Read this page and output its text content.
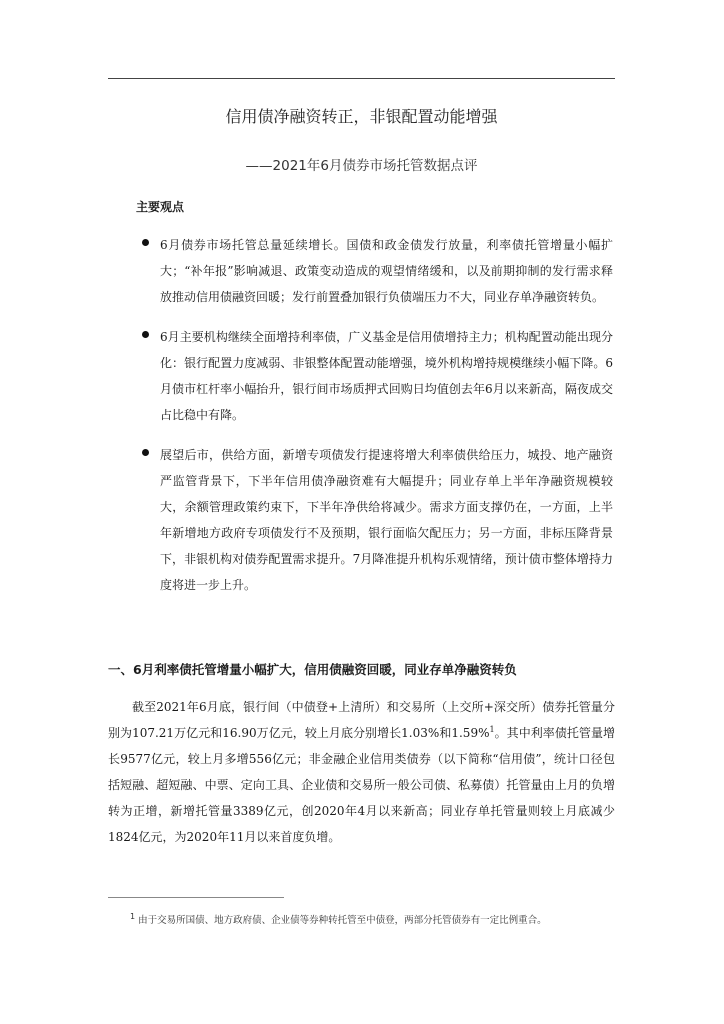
信用债净融资转正，非银配置动能增强
——2021年6月债券市场托管数据点评
主要观点
6月债券市场托管总量延续增长。国债和政金债发行放量，利率债托管增量小幅扩大；“补年报”影响减退、政策变动造成的观望情绪缓和，以及前期抑制的发行需求释放推动信用债融资回暖；发行前置叠加银行负债端压力不大，同业存单净融资转负。
6月主要机构继续全面增持利率债，广义基金是信用债增持主力；机构配置动能出现分化：银行配置力度减弱、非银整体配置动能增强，境外机构增持规模继续小幅下降。6月债市杠杆率小幅抬升，银行间市场质押式回购日均值创去年6月以来新高，隔夜成交占比稳中有降。
展望后市，供给方面，新增专项债发行提速将增大利率债供给压力，城投、地产融资严监管背景下，下半年信用债净融资难有大幅提升；同业存单上半年净融资规模较大，余额管理政策约束下，下半年净供给将减少。需求方面支撑仍在，一方面，上半年新增地方政府专项债发行不及预期，银行面临欠配压力；另一方面，非标压降背景下，非银机构对债券配置需求提升。7月降准提升机构乐观情绪，预计债市整体增持力度将进一步上升。
一、6月利率债托管增量小幅扩大，信用债融资回暖，同业存单净融资转负

截至2021年6月底，银行间（中债登+上清所）和交易所（上交所+深交所）债券托管量分别为107.21万亿元和16.90万亿元，较上月底分别增长1.03%和1.59%$^1$。其中利率债托管量增长9577亿元，较上月多增556亿元；非金融企业信用类债券（以下简称“信用债”，统计口径包括短融、超短融、中票、定向工具、企业债和交易所一般公司债、私募债）托管量由上月的负增转为正增，新增托管量3389亿元，创2020年4月以来新高；同业存单托管量则较上月底减少1824亿元，为2020年11月以来首度负增。

$^1$ 由于交易所国债、地方政府债、企业债等券种转托管至中债登，两部分托管债券有一定比例重合。
